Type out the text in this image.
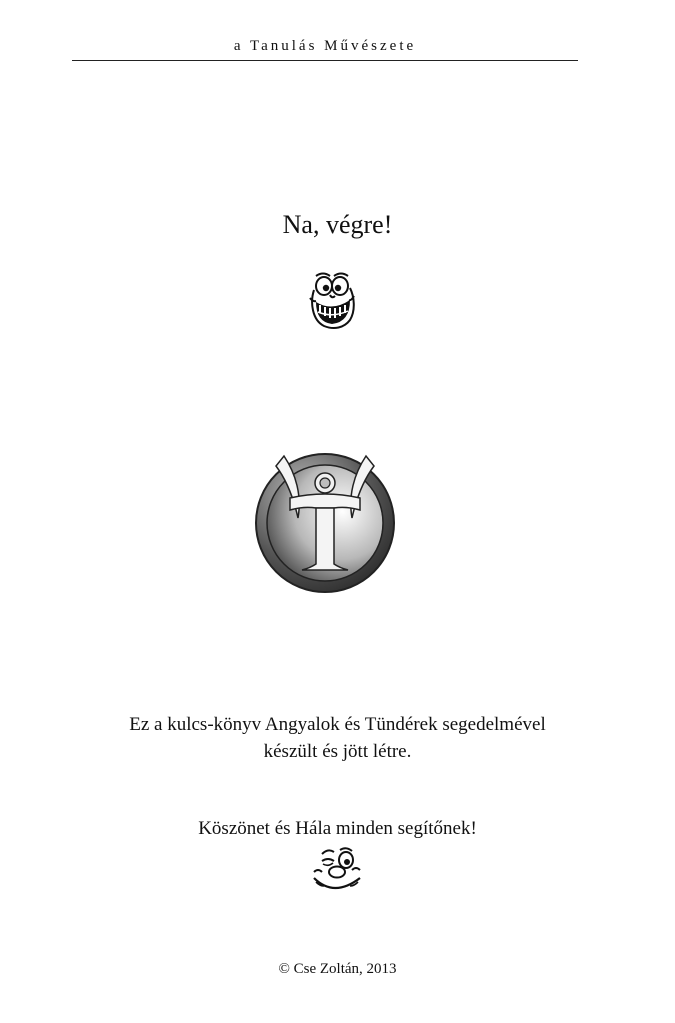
a Tanulás Művészete
Na, végre!
Ez a kulcs-könyv Angyalok és Tündérek segedelmével
készült és jött létre.
Köszönet és Hála minden segítőnek!
© Cse Zoltán, 2013
